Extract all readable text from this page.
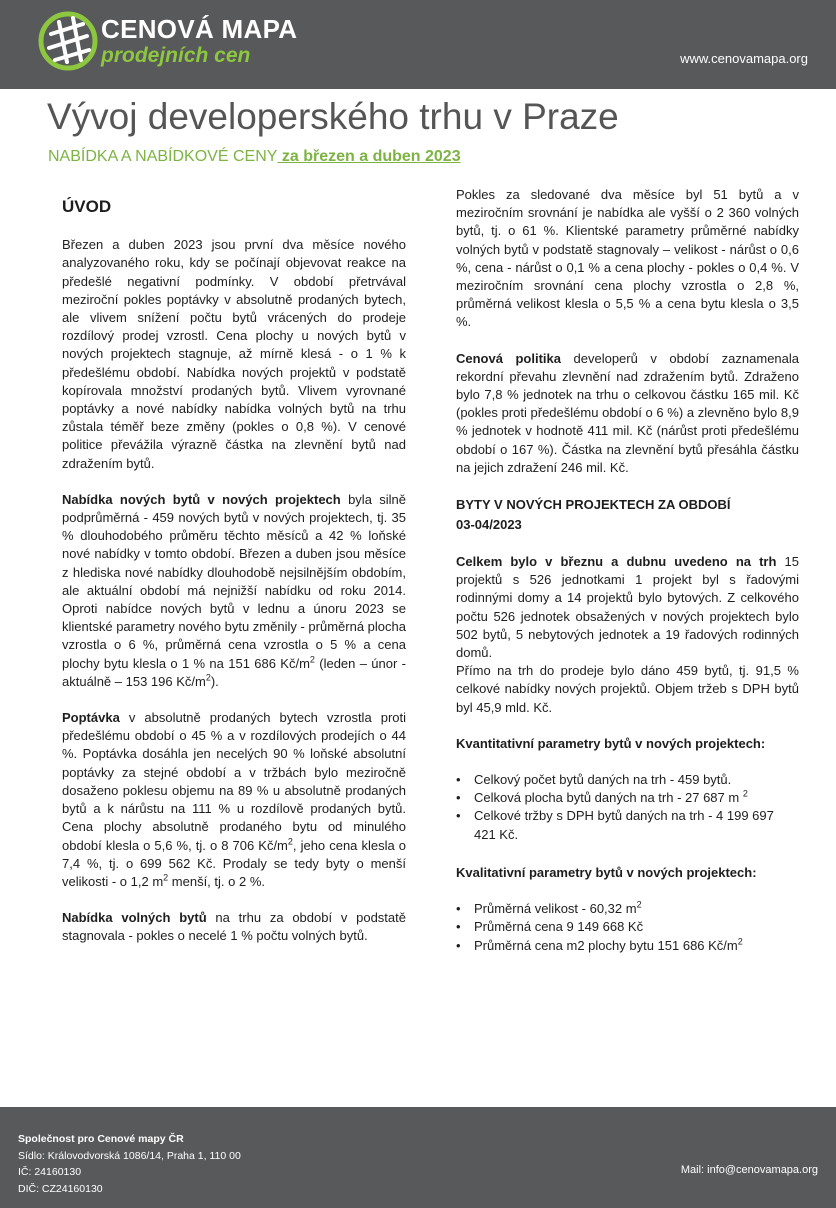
CENOVÁ MAPA
prodejních cen	www.cenovamapa.org
Vývoj developerského trhu v Praze
NABÍDKA A NABÍDKOVÉ CENY za březen a duben 2023
ÚVOD

Březen a duben 2023 jsou první dva měsíce nového analyzovaného roku, kdy se počínají objevovat reakce na předešlé negativní podmínky. V období přetrvával meziroční pokles poptávky v absolutně prodaných bytech, ale vlivem snížení počtu bytů vrácených do prodeje rozdílový prodej vzrostl. Cena plochy u nových bytů v nových projektech stagnuje, až mírně klesá - o 1 % k předešlému období. Nabídka nových projektů v podstatě kopírovala množství prodaných bytů. Vlivem vyrovnané poptávky a nové nabídky nabídka volných bytů na trhu zůstala téměř beze změny (pokles o 0,8 %). V cenové politice převážila výrazně částka na zlevnění bytů nad zdražením bytů.

Nabídka nových bytů v nových projektech byla silně podprůměrná - 459 nových bytů v nových projektech, tj. 35 % dlouhodobého průměru těchto měsíců a 42 % loňské nové nabídky v tomto období. Březen a duben jsou měsíce z hlediska nové nabídky dlouhodobě nejsilnějším obdobím, ale aktuální období má nejnižší nabídku od roku 2014. Oproti nabídce nových bytů v lednu a únoru 2023 se klientské parametry nového bytu změnily - průměrná plocha vzrostla o 6 %, průměrná cena vzrostla o 5 % a cena plochy bytu klesla o 1 % na 151 686 $Kč/m^2$ (leden – únor - aktuálně – 153 196 $Kč/m^2$).

Poptávka v absolutně prodaných bytech vzrostla proti předešlému období o 45 % a v rozdílových prodejích o 44 %. Poptávka dosáhla jen necelých 90 % loňské absolutní poptávky za stejné období a v tržbách bylo meziročně dosaženo poklesu objemu na 89 % u absolutně prodaných bytů a k nárůstu na 111 % u rozdílově prodaných bytů. Cena plochy absolutně prodaného bytu od minulého období klesla o 5,6 %, tj. o 8 706 $Kč/m^2$, jeho cena klesla o 7,4 %, tj. o 699 562 Kč. Prodaly se tedy byty o menší velikosti - o 1,2 $m^2$ menší, tj. o 2 %.

Nabídka volných bytů na trhu za období v podstatě stagnovala - pokles o necelé 1 % počtu volných bytů.

Pokles za sledované dva měsíce byl 51 bytů a v meziročním srovnání je nabídka ale vyšší o 2 360 volných bytů, tj. o 61 %. Klientské parametry průměrné nabídky volných bytů v podstatě stagnovaly – velikost - nárůst o 0,6 %, cena - nárůst o 0,1 % a cena plochy - pokles o 0,4 %. V meziročním srovnání cena plochy vzrostla o 2,8 %, průměrná velikost klesla o 5,5 % a cena bytu klesla o 3,5 %.

Cenová politika developerů v období zaznamenala rekordní převahu zlevnění nad zdražením bytů. Zdraženo bylo 7,8 % jednotek na trhu o celkovou částku 165 mil. Kč (pokles proti předešlému období o 6 %) a zlevněno bylo 8,9 % jednotek v hodnotě 411 mil. Kč (nárůst proti předešlému období o 167 %). Částka na zlevnění bytů přesáhla částku na jejich zdražení 246 mil. Kč.

BYTY V NOVÝCH PROJEKTECH ZA OBDOBÍ
03-04/2023

Celkem bylo v březnu a dubnu uvedeno na trh 15 projektů s 526 jednotkami 1 projekt byl s řadovými rodinnými domy a 14 projektů bylo bytových. Z celkového počtu 526 jednotek obsažených v nových projektech bylo 502 bytů, 5 nebytových jednotek a 19 řadových rodinných domů.

Přímo na trh do prodeje bylo dáno 459 bytů, tj. 91,5 % celkové nabídky nových projektů. Objem tržeb s DPH bytů byl 45,9 mld. Kč.

Kvantitativní parametry bytů v nových projektech:
• Celkový počet bytů daných na trh - 459 bytů.
• Celková plocha bytů daných na trh - 27 687 m $^2$
• Celkové tržby s DPH bytů daných na trh - 4 199 697 421 Kč.
Kvalitativní parametry bytů v nových projektech:
• Průměrná velikost - 60,32 $m^2$
• Průměrná cena 9 149 668 Kč
• Průměrná cena m2 plochy bytu 151 686 $Kč/m^2$
Společnost pro Cenové mapy ČR
Sídlo: Královodvorská 1086/14, Praha 1, 110 00
IČ: 24160130
DIČ: CZ24160130
Mail: info@cenovamapa.org
